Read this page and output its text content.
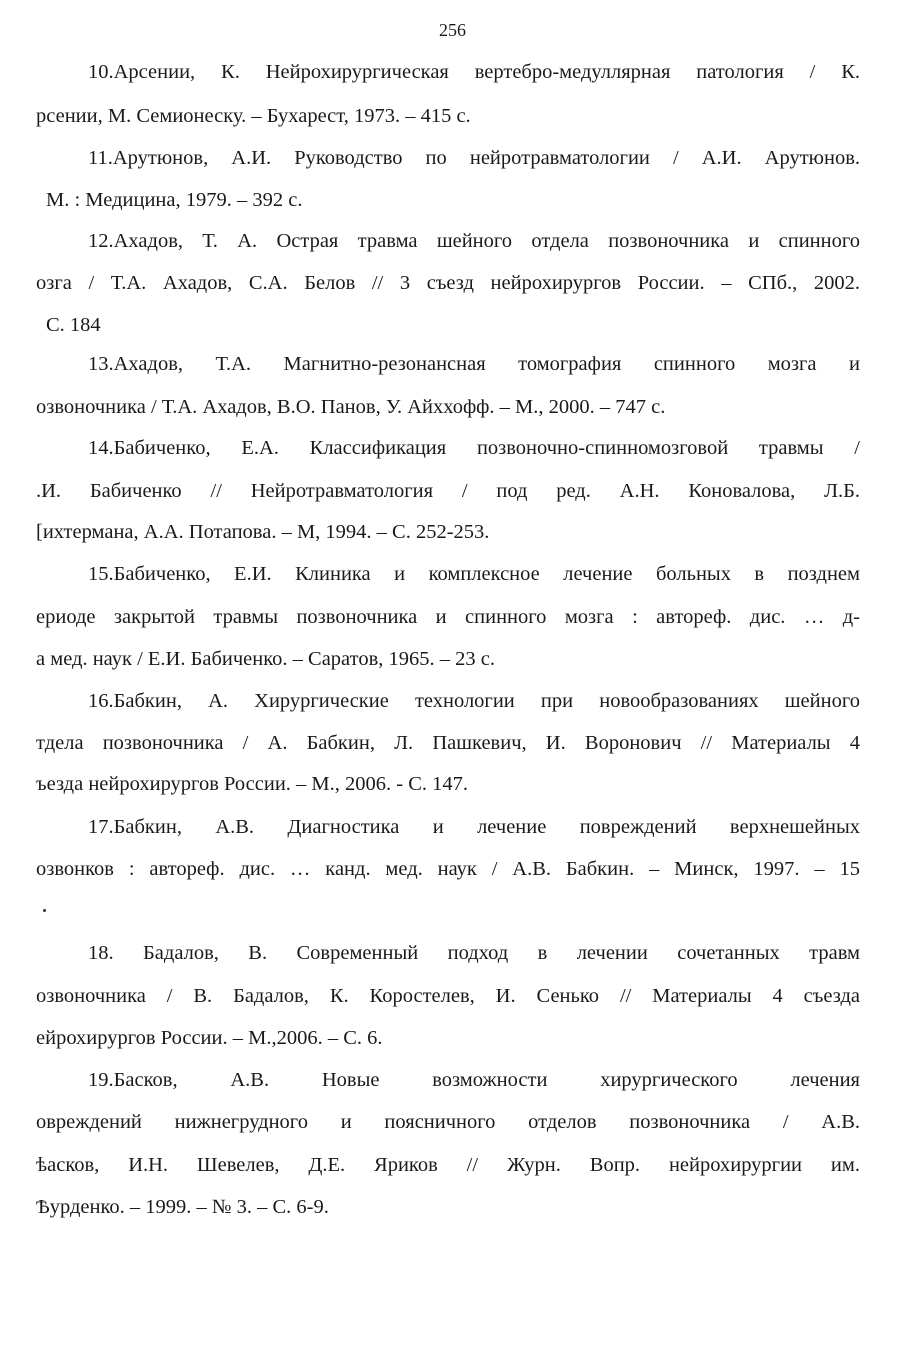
256
10.Арсении, К. Нейрохирургическая вертебро-медуллярная патология / К.
рсении, М. Семионеску. – Бухарест, 1973. – 415 с.
11.Арутюнов, А.И. Руководство по нейротравматологии / А.И. Арутюнов.
М. : Медицина, 1979. – 392 с.
12.Ахадов, Т. А. Острая травма шейного отдела позвоночника и спинного
озга / Т.А. Ахадов, С.А. Белов // 3 съезд нейрохирургов России. – СПб., 2002.
С. 184
13.Ахадов, Т.А. Магнитно-резонансная томография спинного мозга и
озвоночника / Т.А. Ахадов, В.О. Панов, У. Айххофф. – М., 2000. – 747 с.
14.Бабиченко, Е.А. Классификация позвоночно-спинномозговой травмы /
.И. Бабиченко // Нейротравматология / под ред. А.Н. Коновалова, Л.Б.
[ихтермана, А.А. Потапова. – М, 1994. – С. 252-253.
15.Бабиченко, Е.И. Клиника и комплексное лечение больных в позднем
ериоде закрытой травмы позвоночника и спинного мозга : автореф. дис. … д-
а мед. наук / Е.И. Бабиченко. – Саратов, 1965. – 23 с.
16.Бабкин, А. Хирургические технологии при новообразованиях шейного
тдела позвоночника / А. Бабкин, Л. Пашкевич, И. Воронович // Материалы 4
ъезда нейрохирургов России. – М., 2006. - С. 147.
17.Бабкин, А.В. Диагностика и лечение повреждений верхнешейных
озвонков : автореф. дис. … канд. мед. наук / А.В. Бабкин. – Минск, 1997. – 15
18. Бадалов, В. Современный подход в лечении сочетанных травм
озвоночника / В. Бадалов, К. Коростелев, И. Сенько // Материалы 4 съезда
ейрохирургов России. – М.,2006. – С. 6.
19.Басков, А.В. Новые возможности хирургического лечения
овреждений нижнегрудного и поясничного отделов позвоночника / А.В.
ѣасков, И.Н. Шевелев, Д.Е. Яриков // Журн. Вопр. нейрохирургии им.
Ѣурденко. – 1999. – № 3. – С. 6-9.
